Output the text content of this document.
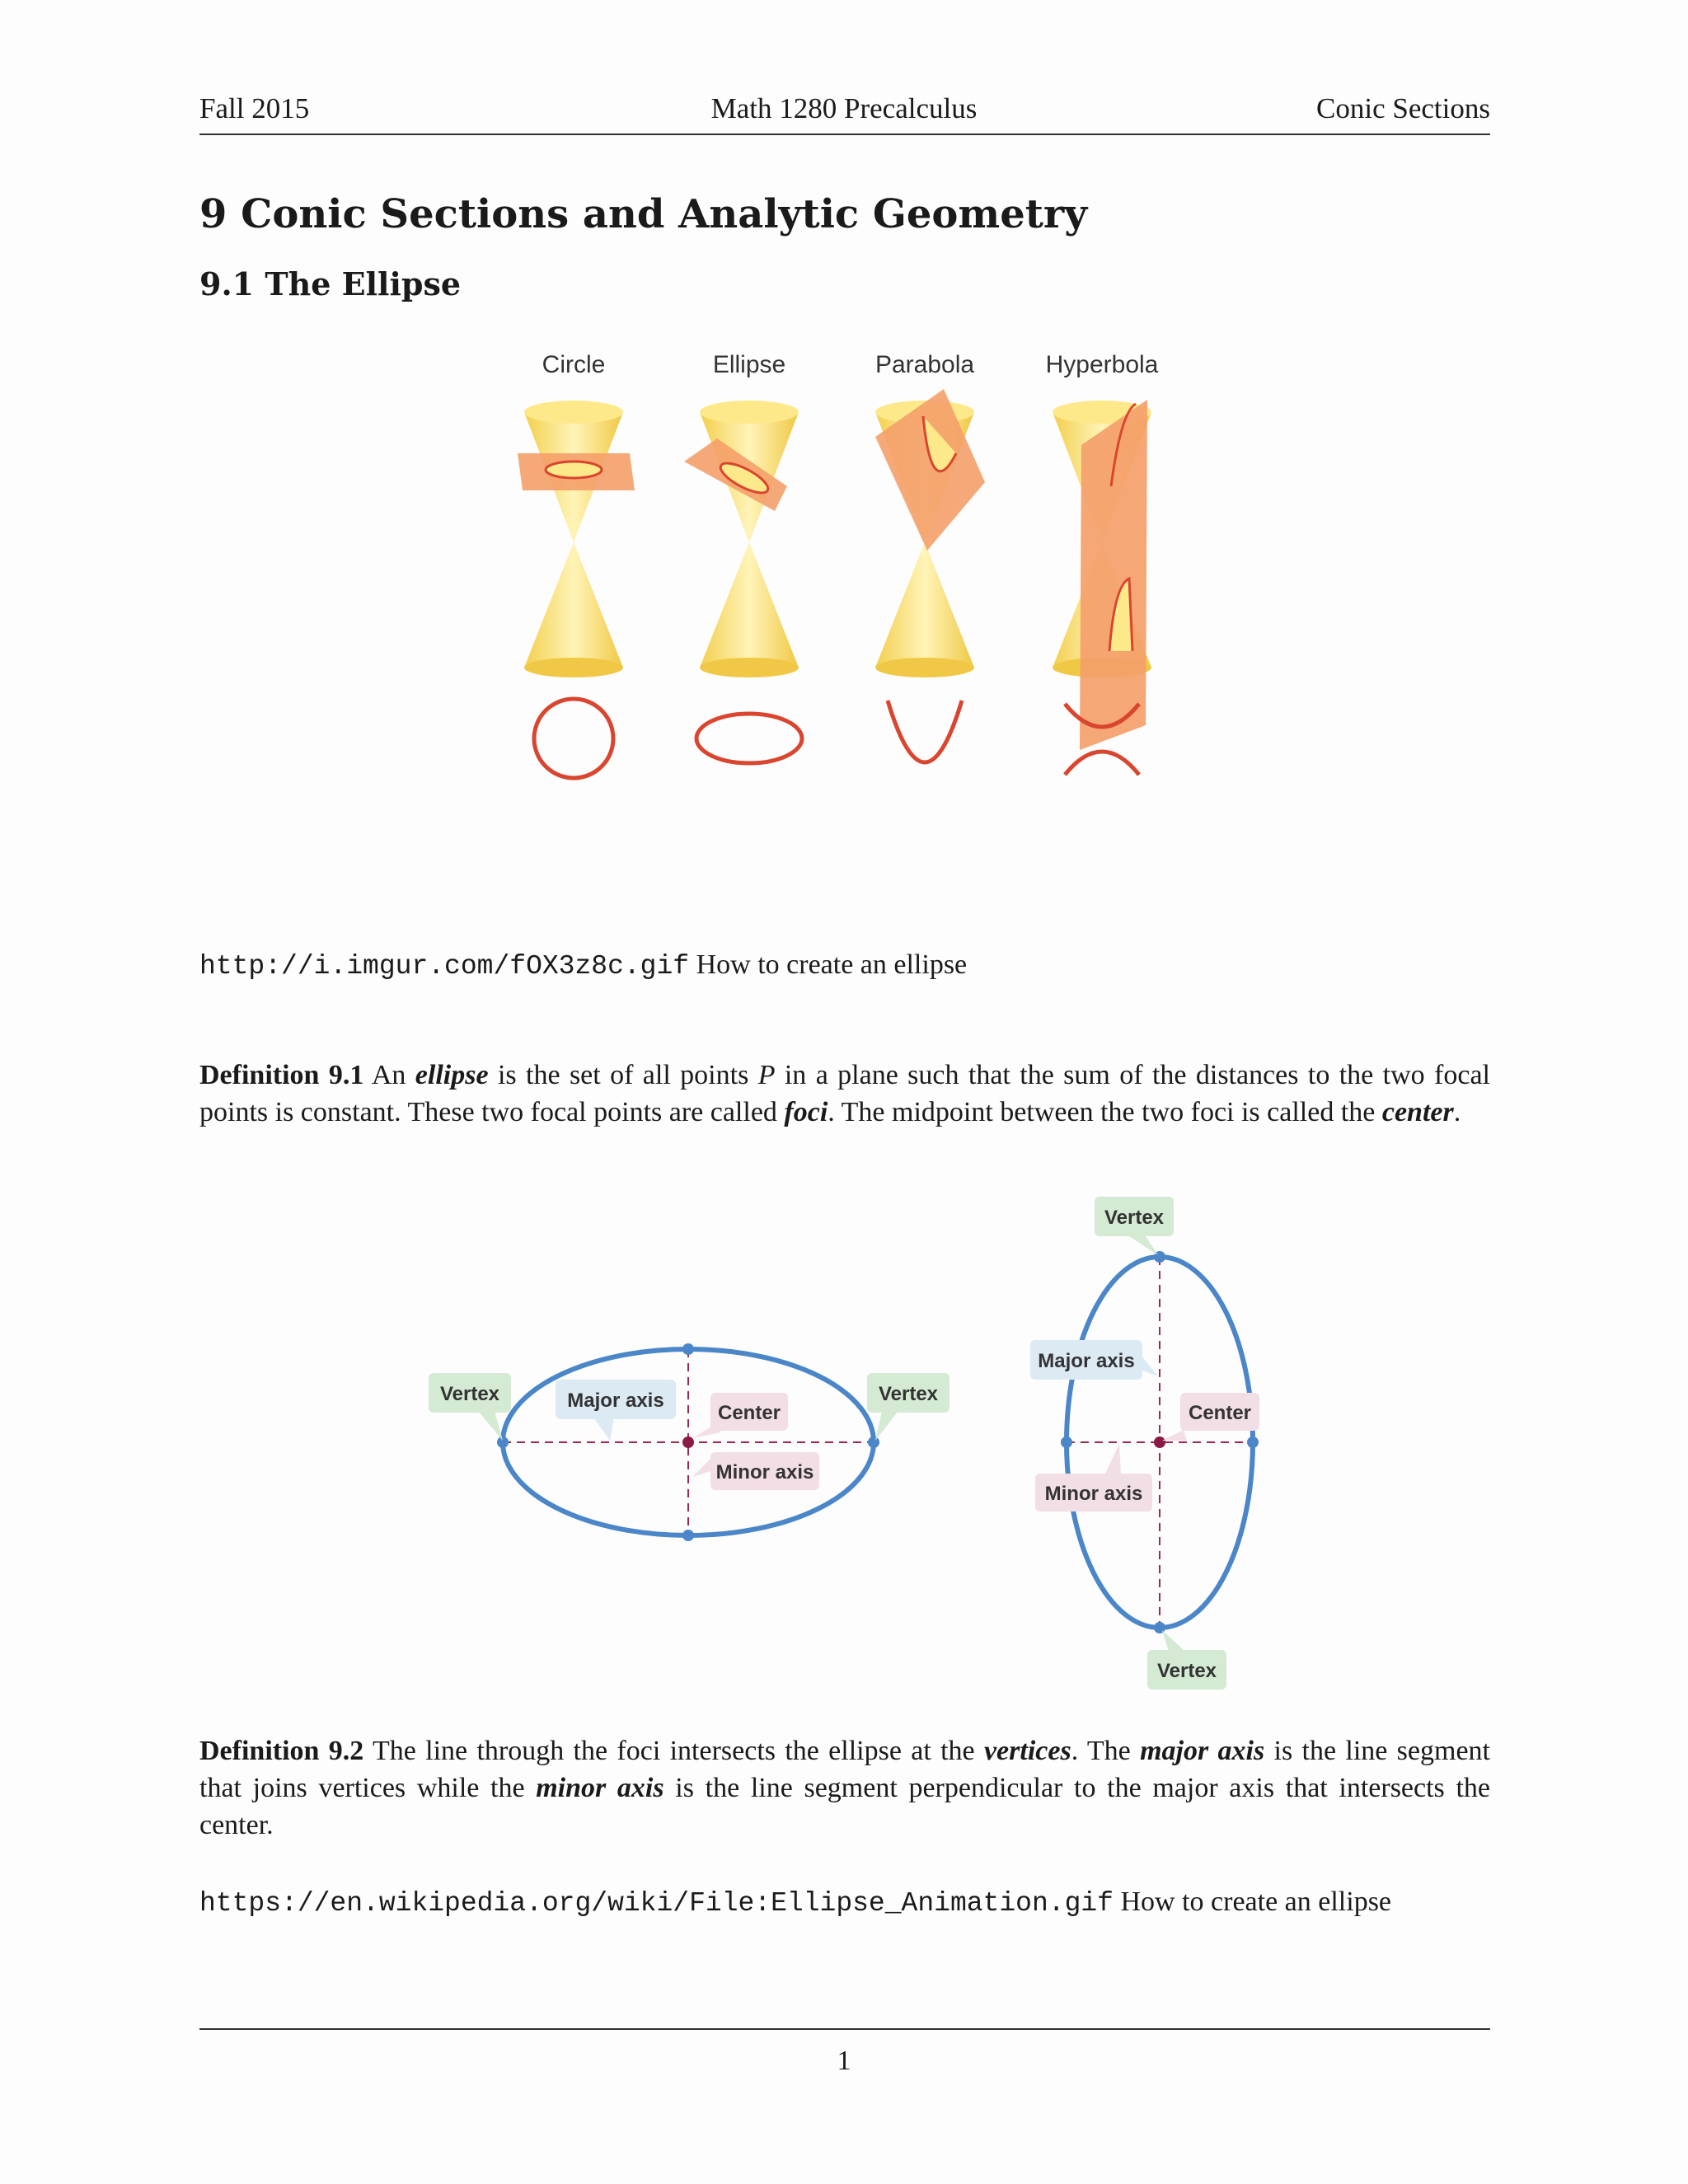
Fall 2015	Math 1280 Precalculus	Conic Sections
9 Conic Sections and Analytic Geometry
9.1 The Ellipse
Circle	Ellipse	Parabola	Hyperbola
http://i.imgur.com/fOX3z8c.gif How to create an ellipse
Definition 9.1 An ellipse is the set of all points P in a plane such that the sum of the distances to the two focal points is constant. These two focal points are called foci. The midpoint between the two foci is called the center.
Vertex	Vertex
Major axis
Center
Minor axis
Vertex
Vertex
Major axis
Center
Minor axis
Definition 9.2 The line through the foci intersects the ellipse at the vertices. The major axis is the line segment that joins vertices while the minor axis is the line segment perpendicular to the major axis that intersects the center.
https://en.wikipedia.org/wiki/File:Ellipse_Animation.gif How to create an ellipse
1
